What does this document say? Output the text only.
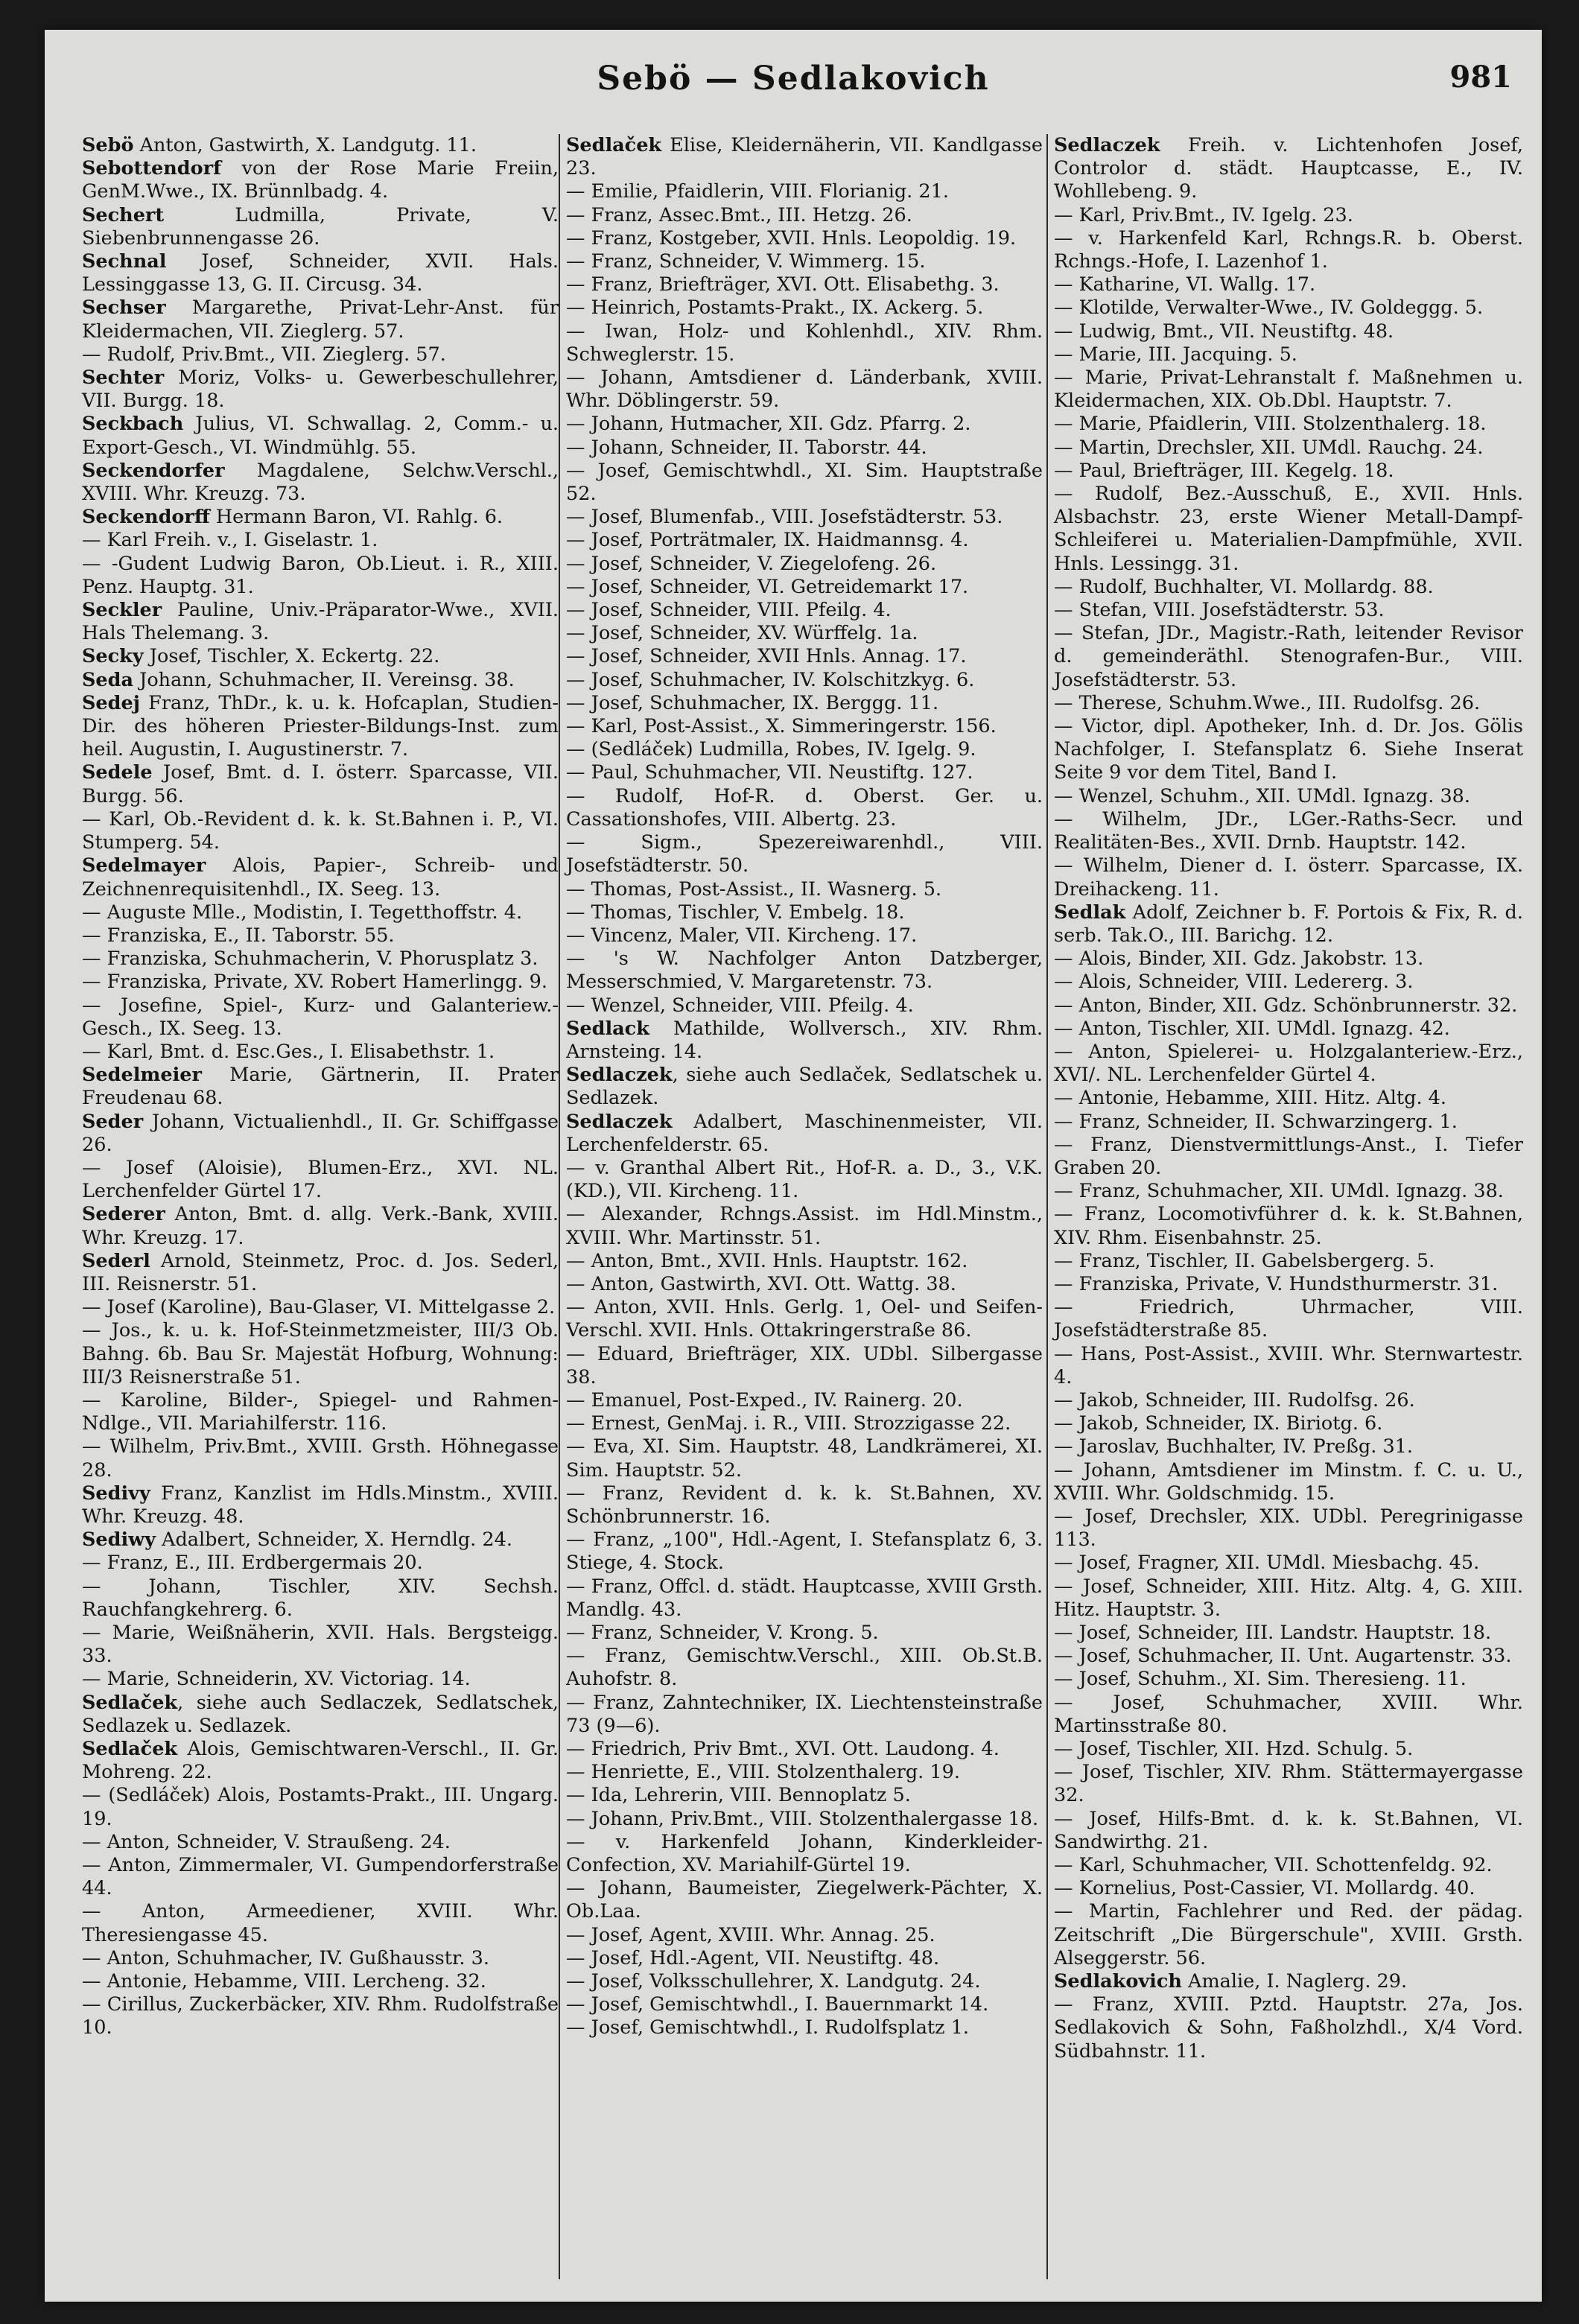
Sebö — Sedlakovich	981

Sebö Anton, Gastwirth, X. Landgutg. 11.

Sebottendorf von der Rose Marie Freiin, GenM.Wwe., IX. Brünnlbadg. 4.

Sechert Ludmilla, Private, V. Siebenbrunnengasse 26.

Sechnal Josef, Schneider, XVII. Hals. Lessinggasse 13, G. II. Circusg. 34.

Sechser Margarethe, Privat-Lehr-Anst. für Kleidermachen, VII. Zieglerg. 57.

— Rudolf, Priv.Bmt., VII. Zieglerg. 57.

Sechter Moriz, Volks- u. Gewerbeschullehrer, VII. Burgg. 18.

Seckbach Julius, VI. Schwallag. 2, Comm.- u. Export-Gesch., VI. Windmühlg. 55.

Seckendorfer Magdalene, Selchw.Verschl., XVIII. Whr. Kreuzg. 73.

Seckendorff Hermann Baron, VI. Rahlg. 6.

— Karl Freih. v., I. Giselastr. 1.

— -Gudent Ludwig Baron, Ob.Lieut. i. R., XIII. Penz. Hauptg. 31.

Seckler Pauline, Univ.-Präparator-Wwe., XVII. Hals Thelemang. 3.

Secky Josef, Tischler, X. Eckertg. 22.

Seda Johann, Schuhmacher, II. Vereinsg. 38.

Sedej Franz, ThDr., k. u. k. Hofcaplan, Studien-Dir. des höheren Priester-Bildungs-Inst. zum heil. Augustin, I. Augustinerstr. 7.

Sedele Josef, Bmt. d. I. österr. Sparcasse, VII. Burgg. 56.

— Karl, Ob.-Revident d. k. k. St.Bahnen i. P., VI. Stumperg. 54.

Sedelmayer Alois, Papier-, Schreib- und Zeichnenrequisitenhdl., IX. Seeg. 13.

— Auguste Mlle., Modistin, I. Tegetthoffstr. 4.

— Franziska, E., II. Taborstr. 55.

— Franziska, Schuhmacherin, V. Phorusplatz 3.

— Franziska, Private, XV. Robert Hamerlingg. 9.

— Josefine, Spiel-, Kurz- und Galanteriew.-Gesch., IX. Seeg. 13.

— Karl, Bmt. d. Esc.Ges., I. Elisabethstr. 1.

Sedelmeier Marie, Gärtnerin, II. Prater Freudenau 68.

Seder Johann, Victualienhdl., II. Gr. Schiffgasse 26.

— Josef (Aloisie), Blumen-Erz., XVI. NL. Lerchenfelder Gürtel 17.

Sederer Anton, Bmt. d. allg. Verk.-Bank, XVIII. Whr. Kreuzg. 17.

Sederl Arnold, Steinmetz, Proc. d. Jos. Sederl, III. Reisnerstr. 51.

— Josef (Karoline), Bau-Glaser, VI. Mittelgasse 2.

— Jos., k. u. k. Hof-Steinmetzmeister, III/3 Ob. Bahng. 6b. Bau Sr. Majestät Hofburg, Wohnung: III/3 Reisnerstraße 51.

— Karoline, Bilder-, Spiegel- und Rahmen-Ndlge., VII. Mariahilferstr. 116.

— Wilhelm, Priv.Bmt., XVIII. Grsth. Höhnegasse 28.

Sedivy Franz, Kanzlist im Hdls.Minstm., XVIII. Whr. Kreuzg. 48.

Sediwy Adalbert, Schneider, X. Herndlg. 24.

— Franz, E., III. Erdbergermais 20.

— Johann, Tischler, XIV. Sechsh. Rauchfangkehrerg. 6.

— Marie, Weißnäherin, XVII. Hals. Bergsteigg. 33.

— Marie, Schneiderin, XV. Victoriag. 14.

Sedlaček, siehe auch Sedlaczek, Sedlatschek, Sedlazek u. Sedlazek.

Sedlaček Alois, Gemischtwaren-Verschl., II. Gr. Mohreng. 22.

— (Sedláček) Alois, Postamts-Prakt., III. Ungarg. 19.

— Anton, Schneider, V. Straußeng. 24.

— Anton, Zimmermaler, VI. Gumpendorferstraße 44.

— Anton, Armeediener, XVIII. Whr. Theresiengasse 45.

— Anton, Schuhmacher, IV. Gußhausstr. 3.

— Antonie, Hebamme, VIII. Lercheng. 32.

— Cirillus, Zuckerbäcker, XIV. Rhm. Rudolfstraße 10.

Sedlaček Elise, Kleidernäherin, VII. Kandlgasse 23.

— Emilie, Pfaidlerin, VIII. Florianig. 21.

— Franz, Assec.Bmt., III. Hetzg. 26.

— Franz, Kostgeber, XVII. Hnls. Leopoldig. 19.

— Franz, Schneider, V. Wimmerg. 15.

— Franz, Briefträger, XVI. Ott. Elisabethg. 3.

— Heinrich, Postamts-Prakt., IX. Ackerg. 5.

— Iwan, Holz- und Kohlenhdl., XIV. Rhm. Schweglerstr. 15.

— Johann, Amtsdiener d. Länderbank, XVIII. Whr. Döblingerstr. 59.

— Johann, Hutmacher, XII. Gdz. Pfarrg. 2.

— Johann, Schneider, II. Taborstr. 44.

— Josef, Gemischtwhdl., XI. Sim. Hauptstraße 52.

— Josef, Blumenfab., VIII. Josefstädterstr. 53.

— Josef, Porträtmaler, IX. Haidmannsg. 4.

— Josef, Schneider, V. Ziegelofeng. 26.

— Josef, Schneider, VI. Getreidemarkt 17.

— Josef, Schneider, VIII. Pfeilg. 4.

— Josef, Schneider, XV. Würffelg. 1a.

— Josef, Schneider, XVII Hnls. Annag. 17.

— Josef, Schuhmacher, IV. Kolschitzkyg. 6.

— Josef, Schuhmacher, IX. Berggg. 11.

— Karl, Post-Assist., X. Simmeringerstr. 156.

— (Sedláček) Ludmilla, Robes, IV. Igelg. 9.

— Paul, Schuhmacher, VII. Neustiftg. 127.

— Rudolf, Hof-R. d. Oberst. Ger. u. Cassationshofes, VIII. Albertg. 23.

— Sigm., Spezereiwarenhdl., VIII. Josefstädterstr. 50.

— Thomas, Post-Assist., II. Wasnerg. 5.

— Thomas, Tischler, V. Embelg. 18.

— Vincenz, Maler, VII. Kircheng. 17.

— 's W. Nachfolger Anton Datzberger, Messerschmied, V. Margaretenstr. 73.

— Wenzel, Schneider, VIII. Pfeilg. 4.

Sedlack Mathilde, Wollversch., XIV. Rhm. Arnsteing. 14.

Sedlaczek, siehe auch Sedlaček, Sedlatschek u. Sedlazek.

Sedlaczek Adalbert, Maschinenmeister, VII. Lerchenfelderstr. 65.

— v. Granthal Albert Rit., Hof-R. a. D., 3., V.K. (KD.), VII. Kircheng. 11.

— Alexander, Rchngs.Assist. im Hdl.Minstm., XVIII. Whr. Martinsstr. 51.

— Anton, Bmt., XVII. Hnls. Hauptstr. 162.

— Anton, Gastwirth, XVI. Ott. Wattg. 38.

— Anton, XVII. Hnls. Gerlg. 1, Oel- und Seifen-Verschl. XVII. Hnls. Ottakringerstraße 86.

— Eduard, Briefträger, XIX. UDbl. Silbergasse 38.

— Emanuel, Post-Exped., IV. Rainerg. 20.

— Ernest, GenMaj. i. R., VIII. Strozzigasse 22.

— Eva, XI. Sim. Hauptstr. 48, Landkrämerei, XI. Sim. Hauptstr. 52.

— Franz, Revident d. k. k. St.Bahnen, XV. Schönbrunnerstr. 16.

— Franz, „100", Hdl.-Agent, I. Stefansplatz 6, 3. Stiege, 4. Stock.

— Franz, Offcl. d. städt. Hauptcasse, XVIII Grsth. Mandlg. 43.

— Franz, Schneider, V. Krong. 5.

— Franz, Gemischtw.Verschl., XIII. Ob.St.B. Auhofstr. 8.

— Franz, Zahntechniker, IX. Liechtensteinstraße 73 (9—6).

— Friedrich, Priv Bmt., XVI. Ott. Laudong. 4.

— Henriette, E., VIII. Stolzenthalerg. 19.

— Ida, Lehrerin, VIII. Bennoplatz 5.

— Johann, Priv.Bmt., VIII. Stolzenthalergasse 18.

— v. Harkenfeld Johann, Kinderkleider-Confection, XV. Mariahilf-Gürtel 19.

— Johann, Baumeister, Ziegelwerk-Pächter, X. Ob.Laa.

— Josef, Agent, XVIII. Whr. Annag. 25.

— Josef, Hdl.-Agent, VII. Neustiftg. 48.

— Josef, Volksschullehrer, X. Landgutg. 24.

— Josef, Gemischtwhdl., I. Bauernmarkt 14.

— Josef, Gemischtwhdl., I. Rudolfsplatz 1.

Sedlaczek Freih. v. Lichtenhofen Josef, Controlor d. städt. Hauptcasse, E., IV. Wohllebeng. 9.

— Karl, Priv.Bmt., IV. Igelg. 23.

— v. Harkenfeld Karl, Rchngs.R. b. Oberst. Rchngs.-Hofe, I. Lazenhof 1.

— Katharine, VI. Wallg. 17.

— Klotilde, Verwalter-Wwe., IV. Goldeggg. 5.

— Ludwig, Bmt., VII. Neustiftg. 48.

— Marie, III. Jacquing. 5.

— Marie, Privat-Lehranstalt f. Maßnehmen u. Kleidermachen, XIX. Ob.Dbl. Hauptstr. 7.

— Marie, Pfaidlerin, VIII. Stolzenthalerg. 18.

— Martin, Drechsler, XII. UMdl. Rauchg. 24.

— Paul, Briefträger, III. Kegelg. 18.

— Rudolf, Bez.-Ausschuß, E., XVII. Hnls. Alsbachstr. 23, erste Wiener Metall-Dampf-Schleiferei u. Materialien-Dampfmühle, XVII. Hnls. Lessingg. 31.

— Rudolf, Buchhalter, VI. Mollardg. 88.

— Stefan, VIII. Josefstädterstr. 53.

— Stefan, JDr., Magistr.-Rath, leitender Revisor d. gemeinderäthl. Stenografen-Bur., VIII. Josefstädterstr. 53.

— Therese, Schuhm.Wwe., III. Rudolfsg. 26.

— Victor, dipl. Apotheker, Inh. d. Dr. Jos. Gölis Nachfolger, I. Stefansplatz 6. Siehe Inserat Seite 9 vor dem Titel, Band I.

— Wenzel, Schuhm., XII. UMdl. Ignazg. 38.

— Wilhelm, JDr., LGer.-Raths-Secr. und Realitäten-Bes., XVII. Drnb. Hauptstr. 142.

— Wilhelm, Diener d. I. österr. Sparcasse, IX. Dreihackeng. 11.

Sedlak Adolf, Zeichner b. F. Portois & Fix, R. d. serb. Tak.O., III. Barichg. 12.

— Alois, Binder, XII. Gdz. Jakobstr. 13.

— Alois, Schneider, VIII. Ledererg. 3.

— Anton, Binder, XII. Gdz. Schönbrunnerstr. 32.

— Anton, Tischler, XII. UMdl. Ignazg. 42.

— Anton, Spielerei- u. Holzgalanteriew.-Erz., XVI/. NL. Lerchenfelder Gürtel 4.

— Antonie, Hebamme, XIII. Hitz. Altg. 4.

— Franz, Schneider, II. Schwarzingerg. 1.

— Franz, Dienstvermittlungs-Anst., I. Tiefer Graben 20.

— Franz, Schuhmacher, XII. UMdl. Ignazg. 38.

— Franz, Locomotivführer d. k. k. St.Bahnen, XIV. Rhm. Eisenbahnstr. 25.

— Franz, Tischler, II. Gabelsbergerg. 5.

— Franziska, Private, V. Hundsthurmerstr. 31.

— Friedrich, Uhrmacher, VIII. Josefstädterstraße 85.

— Hans, Post-Assist., XVIII. Whr. Sternwartestr. 4.

— Jakob, Schneider, III. Rudolfsg. 26.

— Jakob, Schneider, IX. Biriotg. 6.

— Jaroslav, Buchhalter, IV. Preßg. 31.

— Johann, Amtsdiener im Minstm. f. C. u. U., XVIII. Whr. Goldschmidg. 15.

— Josef, Drechsler, XIX. UDbl. Peregrinigasse 113.

— Josef, Fragner, XII. UMdl. Miesbachg. 45.

— Josef, Schneider, XIII. Hitz. Altg. 4, G. XIII. Hitz. Hauptstr. 3.

— Josef, Schneider, III. Landstr. Hauptstr. 18.

— Josef, Schuhmacher, II. Unt. Augartenstr. 33.

— Josef, Schuhm., XI. Sim. Theresieng. 11.

— Josef, Schuhmacher, XVIII. Whr. Martinsstraße 80.

— Josef, Tischler, XII. Hzd. Schulg. 5.

— Josef, Tischler, XIV. Rhm. Stättermayergasse 32.

— Josef, Hilfs-Bmt. d. k. k. St.Bahnen, VI. Sandwirthg. 21.

— Karl, Schuhmacher, VII. Schottenfeldg. 92.

— Kornelius, Post-Cassier, VI. Mollardg. 40.

— Martin, Fachlehrer und Red. der pädag. Zeitschrift „Die Bürgerschule", XVIII. Grsth. Alseggerstr. 56.

Sedlakovich Amalie, I. Naglerg. 29.

— Franz, XVIII. Pztd. Hauptstr. 27a, Jos. Sedlakovich & Sohn, Faßholzhdl., X/4 Vord. Südbahnstr. 11.
